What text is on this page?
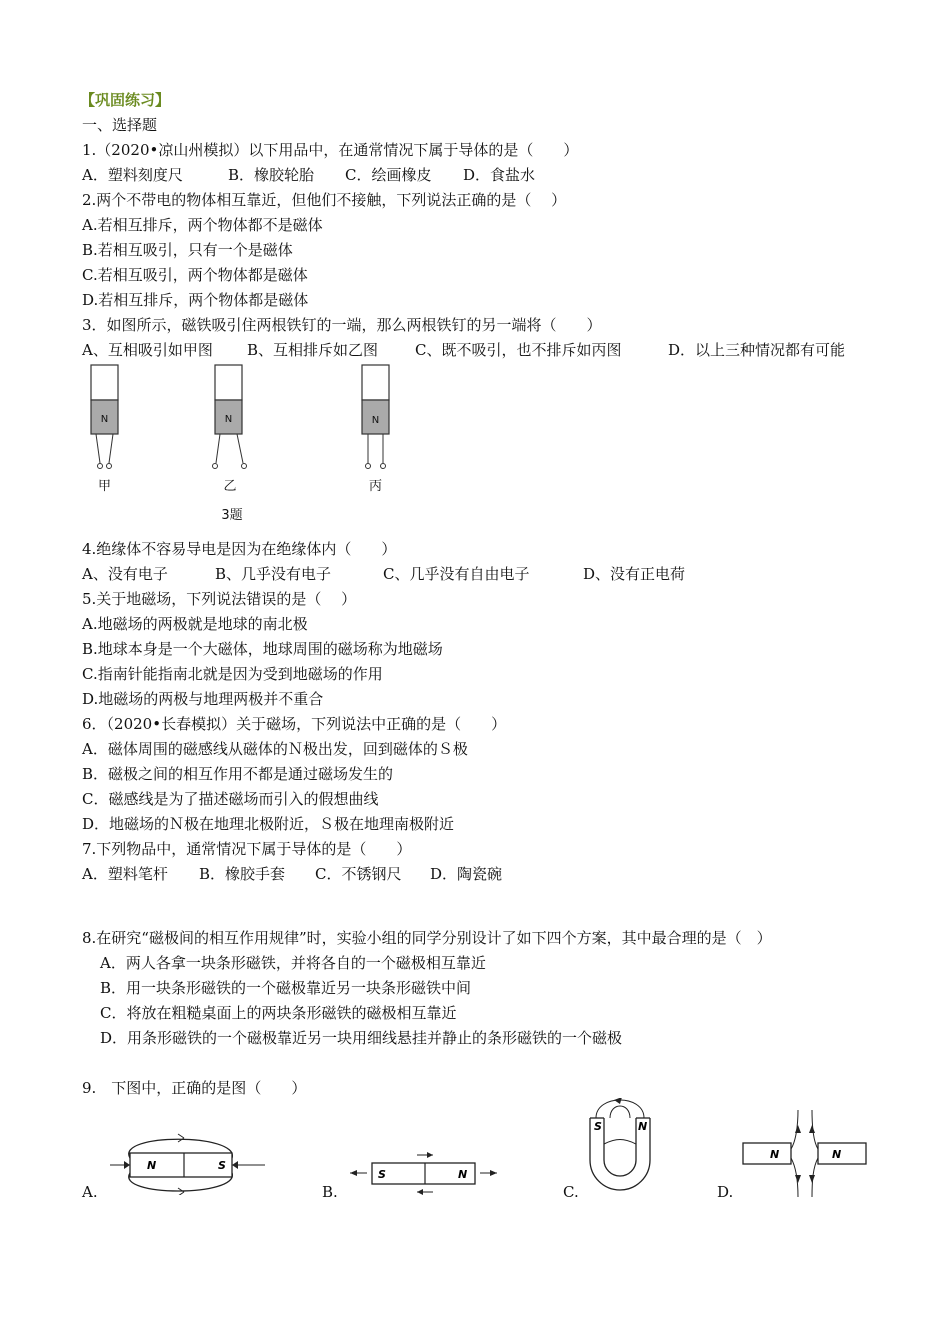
【巩固练习】
一、选择题
1.（2020•凉山州模拟）以下用品中，在通常情况下属于导体的是（　　）
A．塑料刻度尺	B．橡胶轮胎 C．绘画橡皮 D．食盐水
2.两个不带电的物体相互靠近，但他们不接触，下列说法正确的是（　 ）
A.若相互排斥，两个物体都不是磁体
B.若相互吸引，只有一个是磁体
C.若相互吸引，两个物体都是磁体
D.若相互排斥，两个物体都是磁体
3．如图所示，磁铁吸引住两根铁钉的一端，那么两根铁钉的另一端将（　　）
A、互相吸引如甲图 B、互相排斥如乙图 C、既不吸引，也不排斥如丙图	D．以上三种情况都有可能
N
甲
N
乙
N
丙
3题
4.绝缘体不容易导电是因为在绝缘体内（　　）
A、没有电子	B、几乎没有电子	C、几乎没有自由电子	D、没有正电荷
5.关于地磁场，下列说法错误的是（　 ）
A.地磁场的两极就是地球的南北极
B.地球本身是一个大磁体，地球周围的磁场称为地磁场
C.指南针能指南北就是因为受到地磁场的作用
D.地磁场的两极与地理两极并不重合
6．（2020•长春模拟）关于磁场，下列说法中正确的是（　　）
A．磁体周围的磁感线从磁体的Ｎ极出发，回到磁体的Ｓ极
B．磁极之间的相互作用不都是通过磁场发生的
C．磁感线是为了描述磁场而引入的假想曲线
D．地磁场的Ｎ极在地理北极附近，Ｓ极在地理南极附近
7.下列物品中，通常情况下属于导体的是（　　）
A．塑料笔杆 B．橡胶手套 C．不锈钢尺 D．陶瓷碗
8.在研究“磁极间的相互作用规律”时，实验小组的同学分别设计了如下四个方案，其中最合理的是（　）
A．两人各拿一块条形磁铁，并将各自的一个磁极相互靠近
B．用一块条形磁铁的一个磁极靠近另一块条形磁铁中间
C．将放在粗糙桌面上的两块条形磁铁的磁极相互靠近
D．用条形磁铁的一个磁极靠近另一块用细线悬挂并静止的条形磁铁的一个磁极
9.　下图中，正确的是图（　　）
A.
N	S
B.
S	N
C.
S	N
D.
N	N
